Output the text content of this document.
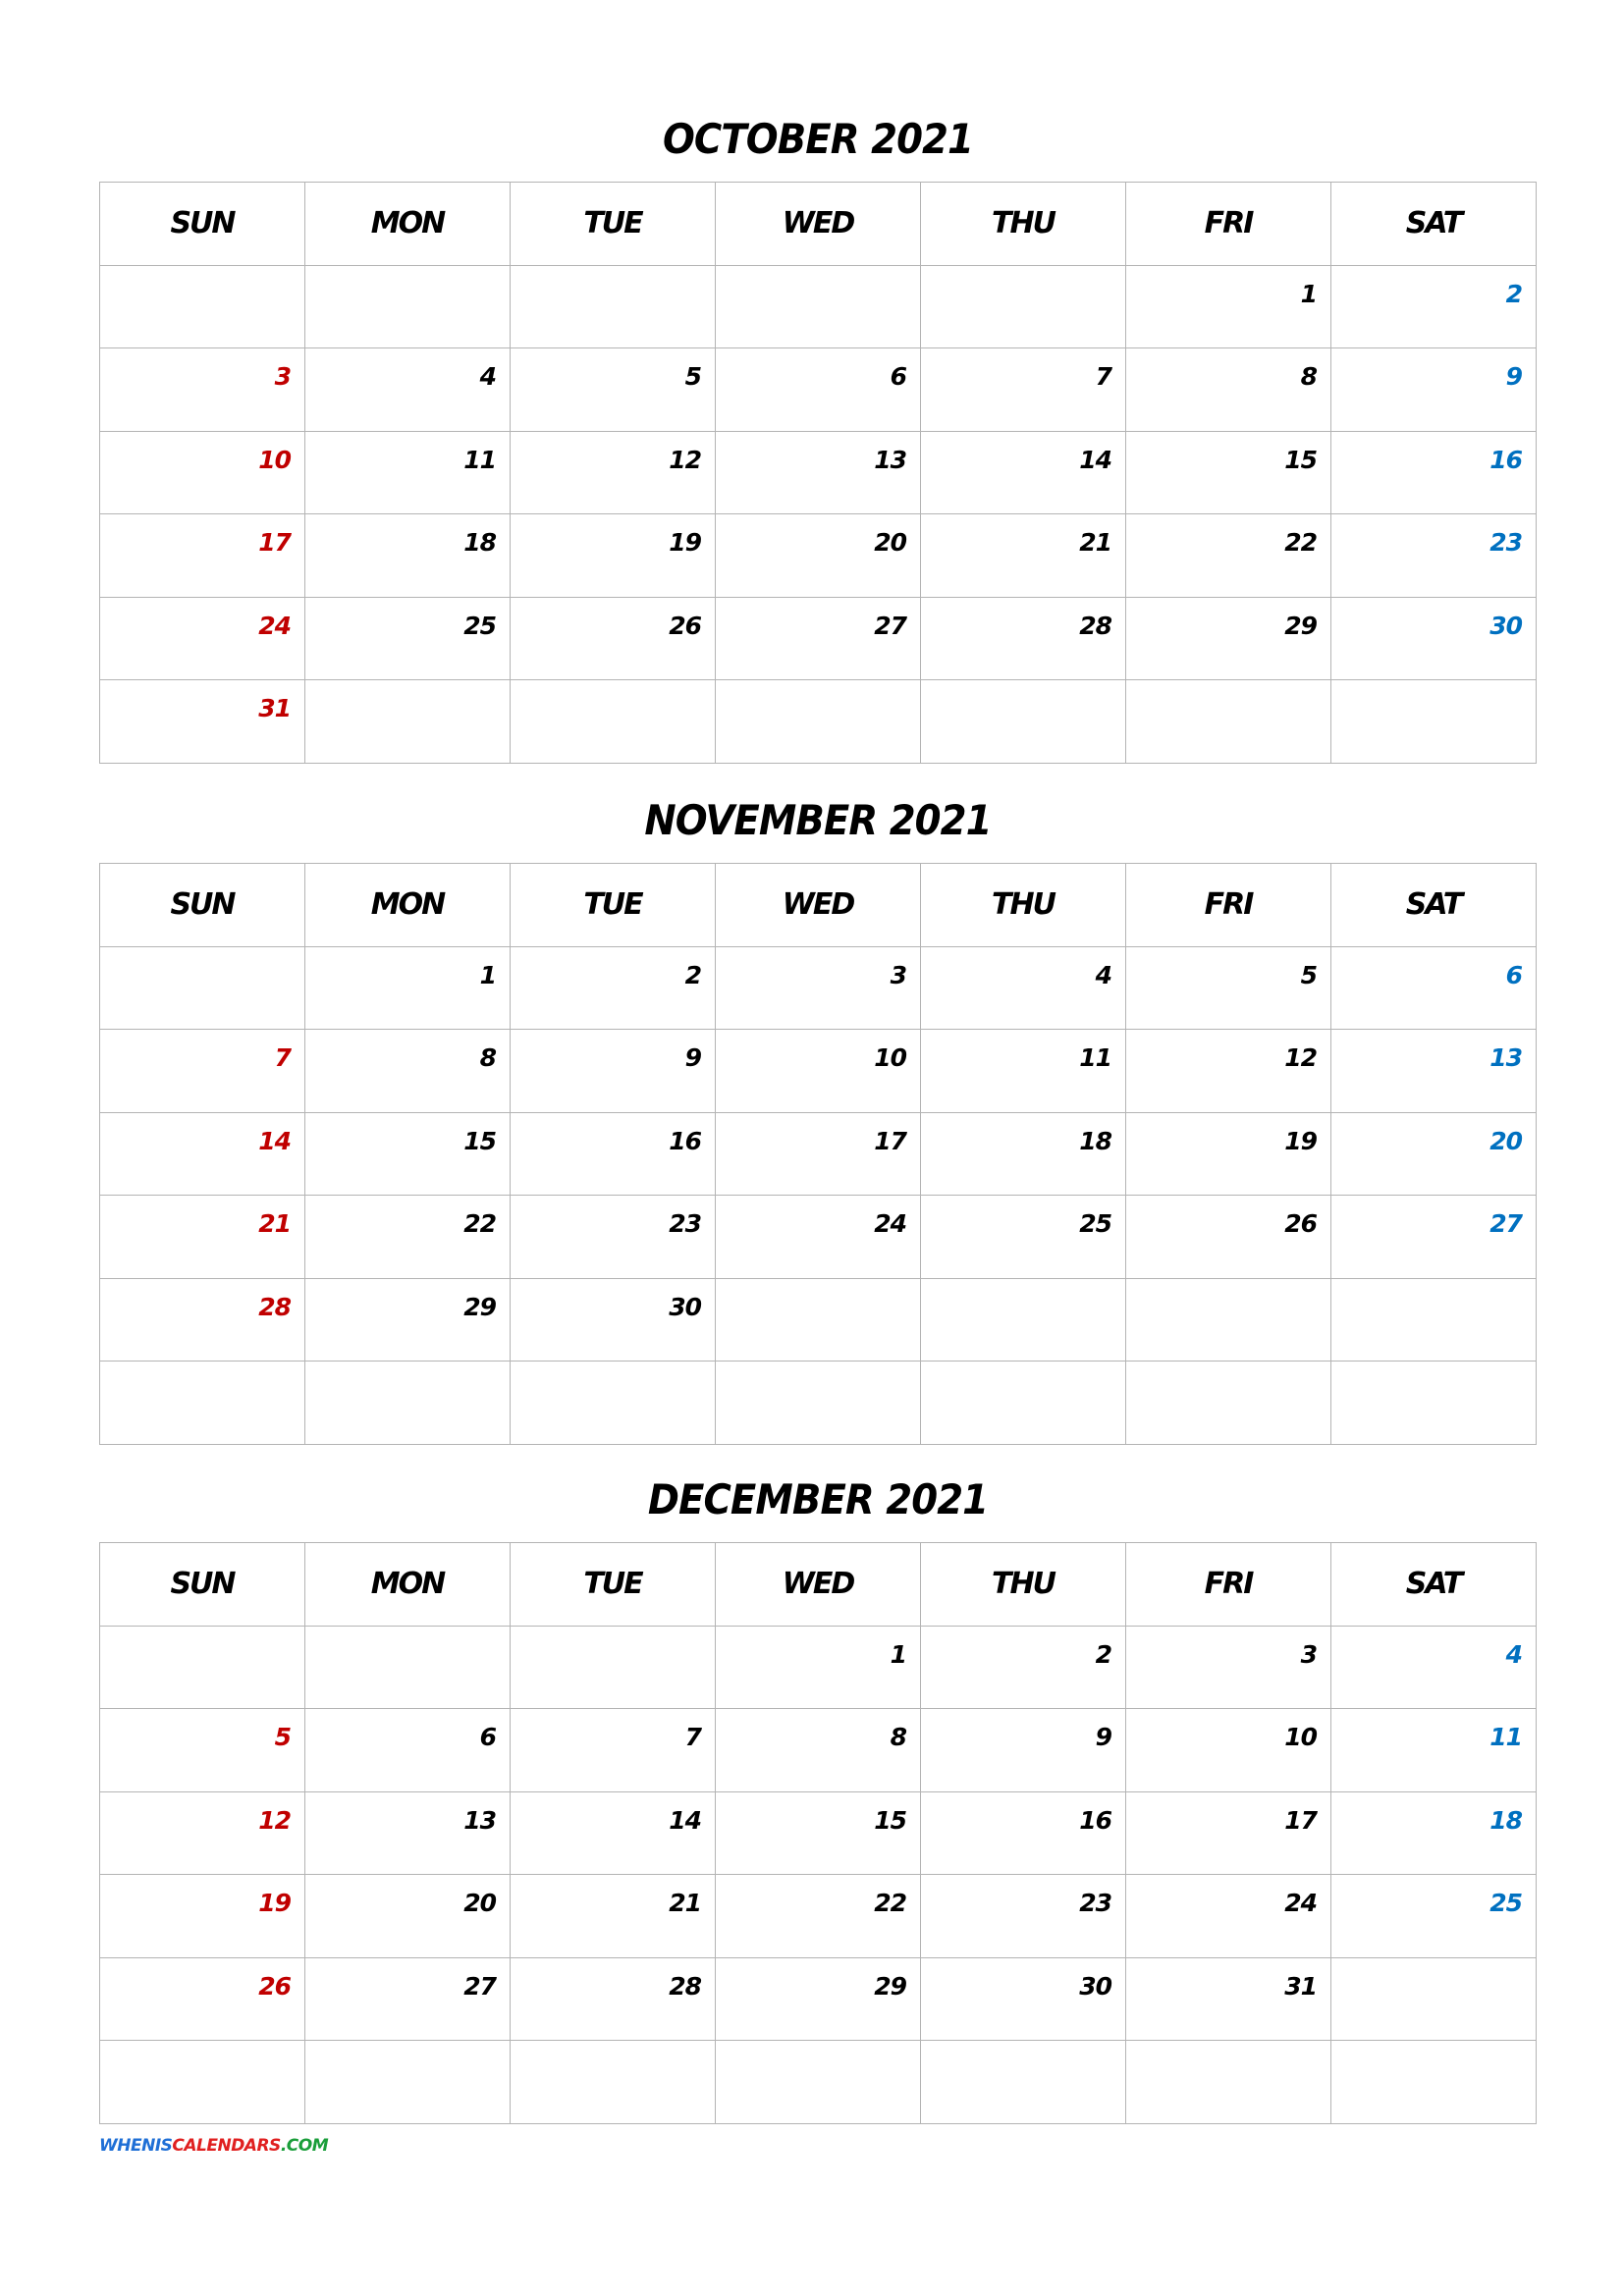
OCTOBER 2021
SUN	MON	TUE	WED	THU	FRI	SAT
					1	2
3	4	5	6	7	8	9
10	11	12	13	14	15	16
17	18	19	20	21	22	23
24	25	26	27	28	29	30
31						
NOVEMBER 2021
SUN	MON	TUE	WED	THU	FRI	SAT
	1	2	3	4	5	6
7	8	9	10	11	12	13
14	15	16	17	18	19	20
21	22	23	24	25	26	27
28	29	30				

DECEMBER 2021
SUN	MON	TUE	WED	THU	FRI	SAT
			1	2	3	4
5	6	7	8	9	10	11
12	13	14	15	16	17	18
19	20	21	22	23	24	25
26	27	28	29	30	31	

WHENISCALENDARS.COM
